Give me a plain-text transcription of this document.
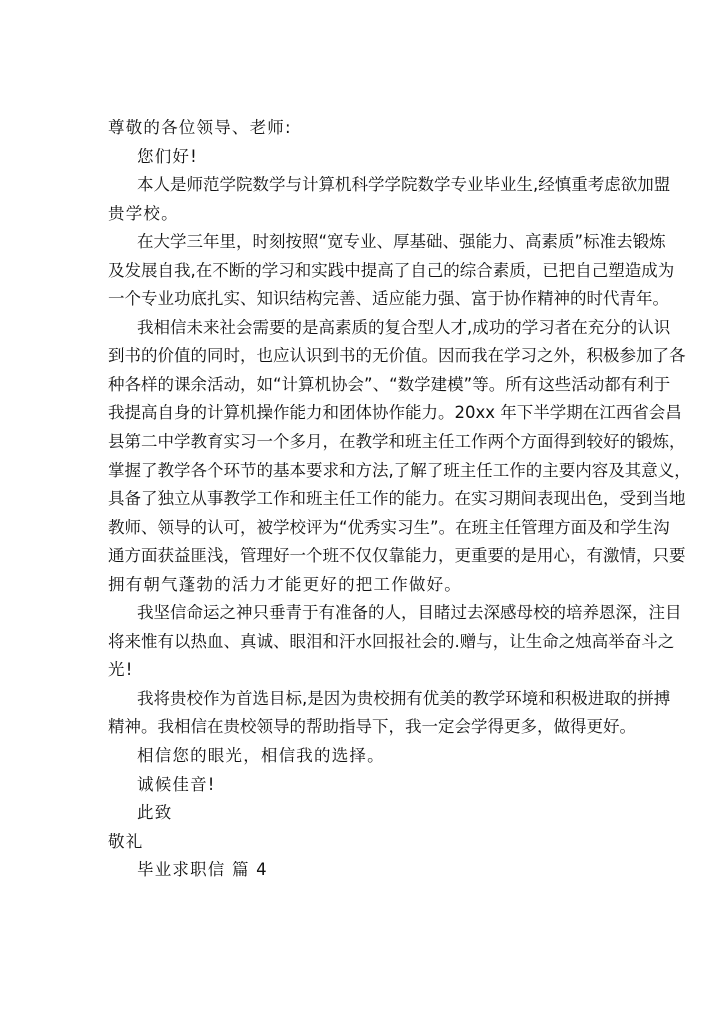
尊敬的各位领导、老师:
您们好!
本人是师范学院数学与计算机科学学院数学专业毕业生,经慎重考虑欲加盟
贵学校。
在大学三年里，时刻按照“宽专业、厚基础、强能力、高素质”标准去锻炼
及发展自我,在不断的学习和实践中提高了自己的综合素质，已把自己塑造成为
一个专业功底扎实、知识结构完善、适应能力强、富于协作精神的时代青年。
我相信未来社会需要的是高素质的复合型人才,成功的学习者在充分的认识
到书的价值的同时，也应认识到书的无价值。因而我在学习之外，积极参加了各
种各样的课余活动，如“计算机协会”、“数学建模”等。所有这些活动都有利于
我提高自身的计算机操作能力和团体协作能力。20xx 年下半学期在江西省会昌
县第二中学教育实习一个多月，在教学和班主任工作两个方面得到较好的锻炼，
掌握了教学各个环节的基本要求和方法,了解了班主任工作的主要内容及其意义，
具备了独立从事教学工作和班主任工作的能力。在实习期间表现出色，受到当地
教师、领导的认可，被学校评为“优秀实习生”。在班主任管理方面及和学生沟
通方面获益匪浅，管理好一个班不仅仅靠能力，更重要的是用心，有激情，只要
拥有朝气蓬勃的活力才能更好的把工作做好。
我坚信命运之神只垂青于有准备的人，目睹过去深感母校的培养恩深，注目
将来惟有以热血、真诚、眼泪和汗水回报社会的.赠与，让生命之烛高举奋斗之
光!
我将贵校作为首选目标,是因为贵校拥有优美的教学环境和积极进取的拼搏
精神。我相信在贵校领导的帮助指导下，我一定会学得更多，做得更好。
相信您的眼光，相信我的选择。
诚候佳音!
此致
敬礼
毕业求职信 篇 4
